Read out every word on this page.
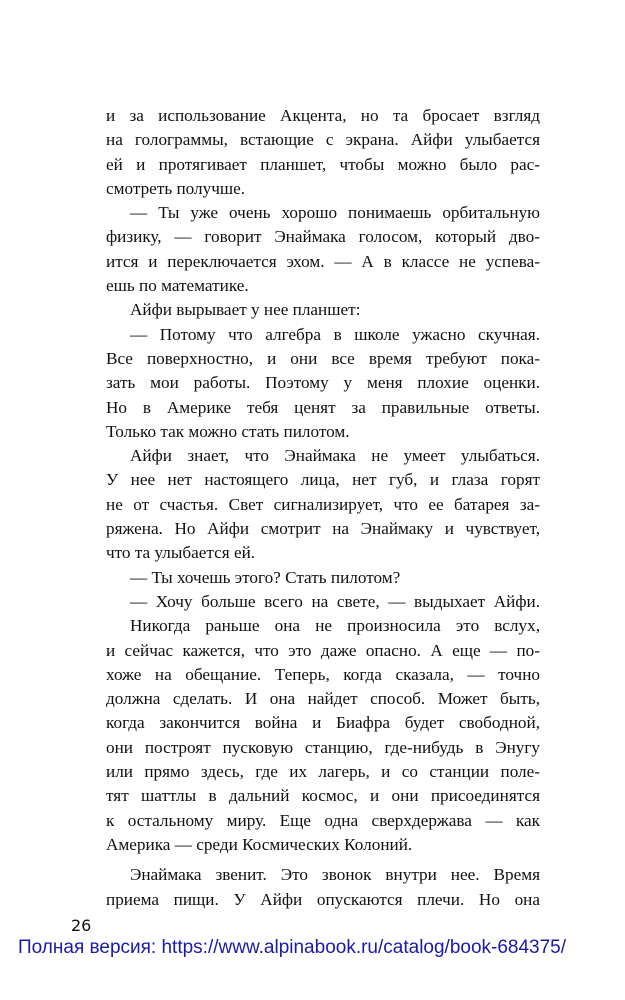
и за использование Акцента, но та бросает взгляд
на голограммы, встающие с экрана. Айфи улыбается
ей и протягивает планшет, чтобы можно было рас-
смотреть получше.
— Ты уже очень хорошо понимаешь орбитальную
физику, — говорит Энаймака голосом, который дво-
ится и переключается эхом. — А в классе не успева-
ешь по математике.
Айфи вырывает у нее планшет:
— Потому что алгебра в школе ужасно скучная.
Все поверхностно, и они все время требуют пока-
зать мои работы. Поэтому у меня плохие оценки.
Но в Америке тебя ценят за правильные ответы.
Только так можно стать пилотом.
Айфи знает, что Энаймака не умеет улыбаться.
У нее нет настоящего лица, нет губ, и глаза горят
не от счастья. Свет сигнализирует, что ее батарея за-
ряжена. Но Айфи смотрит на Энаймаку и чувствует,
что та улыбается ей.
— Ты хочешь этого? Стать пилотом?
— Хочу больше всего на свете, — выдыхает Айфи.
Никогда раньше она не произносила это вслух,
и сейчас кажется, что это даже опасно. А еще — по-
хоже на обещание. Теперь, когда сказала, — точно
должна сделать. И она найдет способ. Может быть,
когда закончится война и Биафра будет свободной,
они построят пусковую станцию, где-нибудь в Энугу
или прямо здесь, где их лагерь, и со станции поле-
тят шаттлы в дальний космос, и они присоединятся
к остальному миру. Еще одна сверхдержава — как
Америка — среди Космических Колоний.
Энаймака звенит. Это звонок внутри нее. Время
приема пищи. У Айфи опускаются плечи. Но она
26
Полная версия: https://www.alpinabook.ru/catalog/book-684375/
